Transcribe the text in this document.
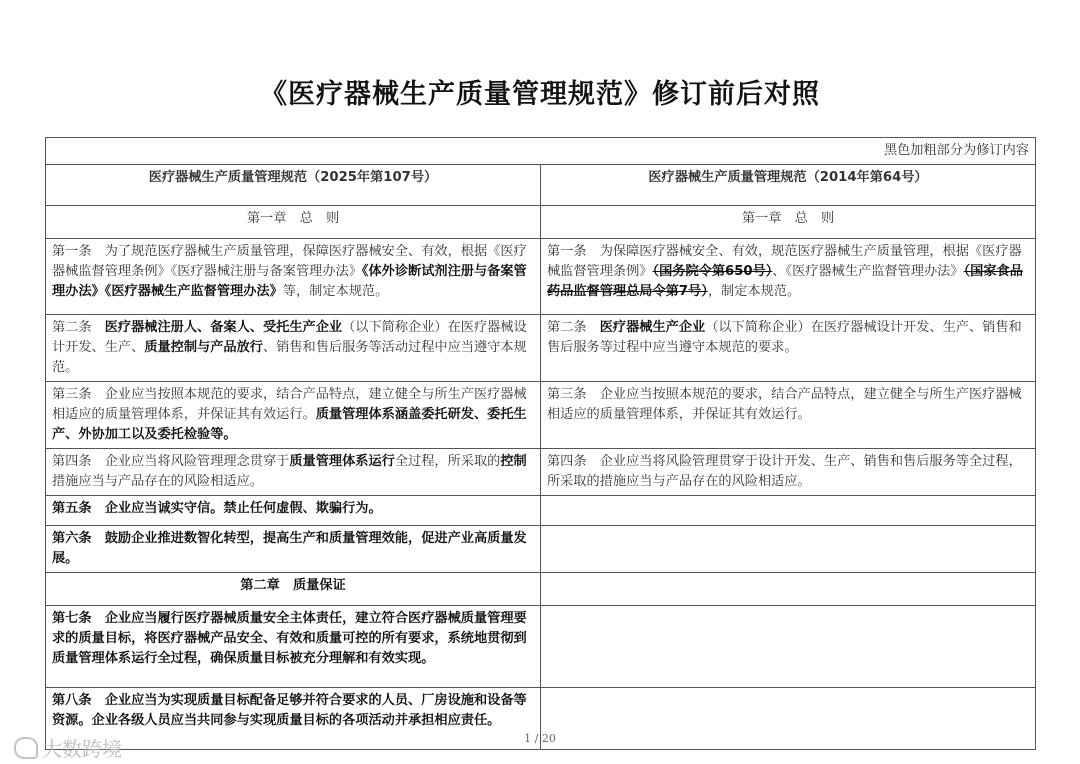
《医疗器械生产质量管理规范》修订前后对照
黑色加粗部分为修订内容	
医疗器械生产质量管理规范（2025年第107号）	医疗器械生产质量管理规范（2014年第64号）
第一章　总　则	第一章　总　则
第一条　为了规范医疗器械生产质量管理，保障医疗器械安全、有效，根据《医疗器械监督管理条例》《医疗器械注册与备案管理办法》《体外诊断试剂注册与备案管理办法》《医疗器械生产监督管理办法》等，制定本规范。	第一条　为保障医疗器械安全、有效，规范医疗器械生产质量管理，根据《医疗器械监督管理条例》（国务院令第650号）、《医疗器械生产监督管理办法》（国家食品药品监督管理总局令第7号），制定本规范。
第二条　医疗器械注册人、备案人、受托生产企业（以下简称企业）在医疗器械设计开发、生产、质量控制与产品放行、销售和售后服务等活动过程中应当遵守本规范。	第二条　医疗器械生产企业（以下简称企业）在医疗器械设计开发、生产、销售和售后服务等过程中应当遵守本规范的要求。
第三条　企业应当按照本规范的要求，结合产品特点，建立健全与所生产医疗器械相适应的质量管理体系，并保证其有效运行。质量管理体系涵盖委托研发、委托生产、外协加工以及委托检验等。	第三条　企业应当按照本规范的要求，结合产品特点，建立健全与所生产医疗器械相适应的质量管理体系，并保证其有效运行。
第四条　企业应当将风险管理理念贯穿于质量管理体系运行全过程，所采取的控制措施应当与产品存在的风险相适应。	第四条　企业应当将风险管理贯穿于设计开发、生产、销售和售后服务等全过程，所采取的措施应当与产品存在的风险相适应。
第五条　企业应当诚实守信。禁止任何虚假、欺骗行为。	
第六条　鼓励企业推进数智化转型，提高生产和质量管理效能，促进产业高质量发展。	
第二章　质量保证	
第七条　企业应当履行医疗器械质量安全主体责任，建立符合医疗器械质量管理要求的质量目标，将医疗器械产品安全、有效和质量可控的所有要求，系统地贯彻到质量管理体系运行全过程，确保质量目标被充分理解和有效实现。	
第八条　企业应当为实现质量目标配备足够并符合要求的人员、厂房设施和设备等资源。企业各级人员应当共同参与实现质量目标的各项活动并承担相应责任。	
1 / 20
大数跨境
